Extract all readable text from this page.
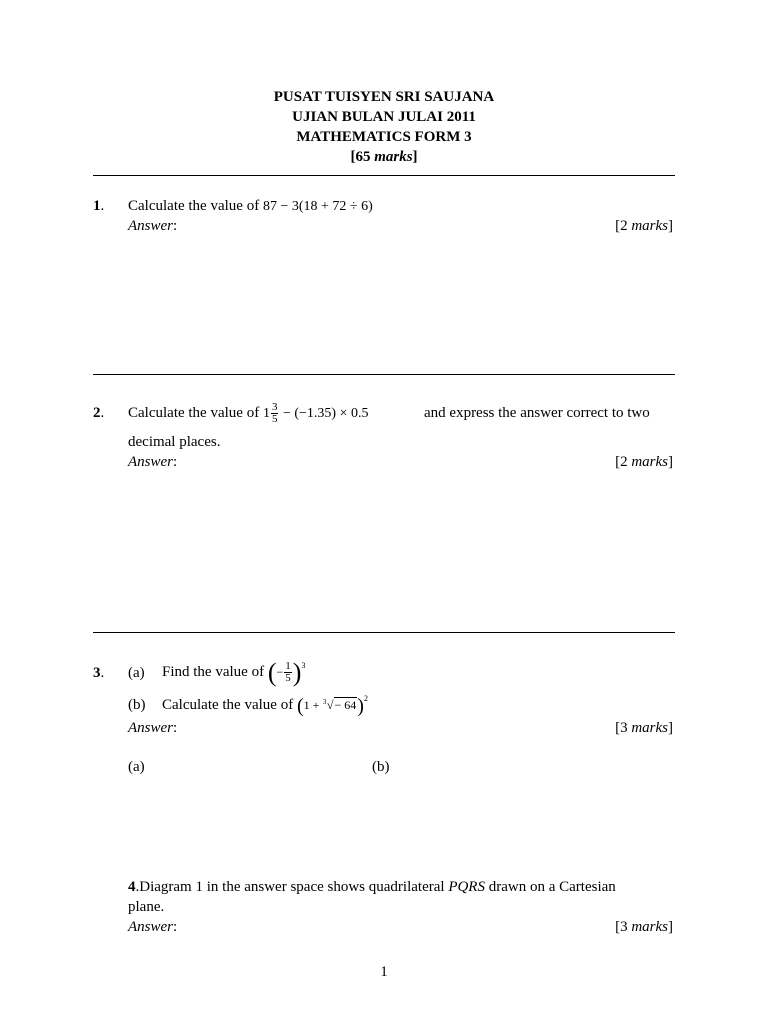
PUSAT TUISYEN SRI SAUJANA
UJIAN BULAN JULAI 2011
MATHEMATICS FORM 3
[65 marks]
1. Calculate the value of 87 − 3(18 + 72 ÷ 6)
Answer:	[2 marks]
2. Calculate the value of $1 \frac{3}{5} - (-1.35) \times 0.5$	and express the answer correct to two
decimal places.
Answer:	[2 marks]
3. (a) Find the value of (− $\frac{1}{5} )^3$
(b) Calculate the value of (1 + 3 √− 64)$^2$
Answer:	[3 marks]
(a)	(b)
4.Diagram 1 in the answer space shows quadrilateral PQRS drawn on a Cartesian
plane.
Answer:	[3 marks]
1
